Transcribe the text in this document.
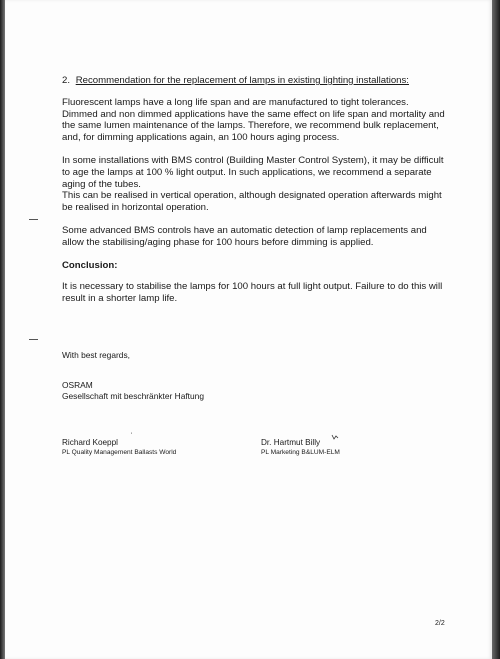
2. Recommendation for the replacement of lamps in existing lighting installations:

Fluorescent lamps have a long life span and are manufactured to tight tolerances. Dimmed and non dimmed applications have the same effect on life span and mortality and the same lumen maintenance of the lamps. Therefore, we recommend bulk replacement, and, for dimming applications again, an 100 hours aging process.

In some installations with BMS control (Building Master Control System), it may be difficult to age the lamps at 100 % light output. In such applications, we recommend a separate aging of the tubes.

This can be realised in vertical operation, although designated operation afterwards might be realised in horizontal operation.

Some advanced BMS controls have an automatic detection of lamp replacements and allow the stabilising/aging phase for 100 hours before dimming is applied.

Conclusion:

It is necessary to stabilise the lamps for 100 hours at full light output. Failure to do this will result in a shorter lamp life.

With best regards,
OSRAM
Gesellschaft mit beschränkter Haftung
Richard Koeppl
PL Quality Management Ballasts World
'
Dr. Hartmut Billy
PL Marketing B&LUM-ELM
2/2
